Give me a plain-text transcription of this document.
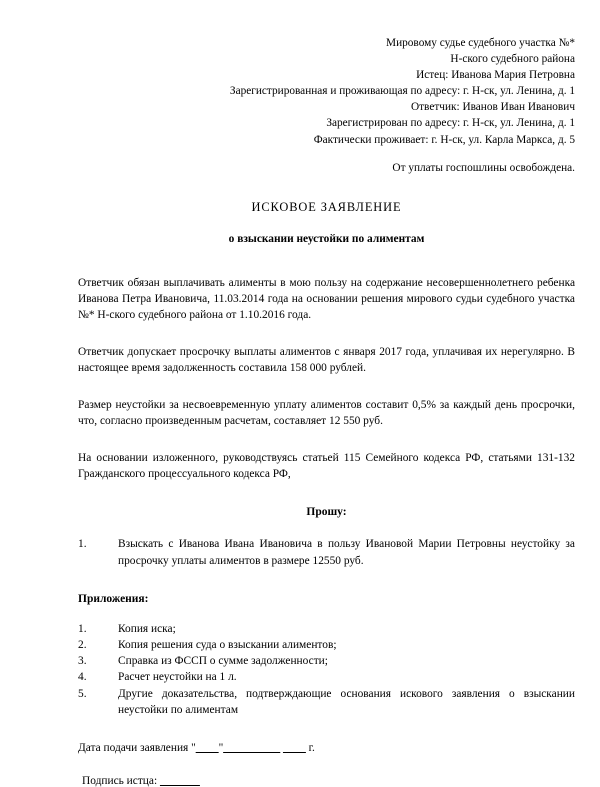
Мировому судье судебного участка №*
Н-ского судебного района
Истец: Иванова Мария Петровна
Зарегистрированная и проживающая по адресу: г. Н-ск, ул. Ленина, д. 1
Ответчик: Иванов Иван Иванович
Зарегистрирован по адресу: г. Н-ск, ул. Ленина, д. 1
Фактически проживает: г. Н-ск, ул. Карла Маркса, д. 5
От уплаты госпошлины освобождена.
ИСКОВОЕ ЗАЯВЛЕНИЕ
о взыскании неустойки по алиментам
Ответчик обязан выплачивать алименты в мою пользу на содержание несовершеннолетнего ребенка Иванова Петра Ивановича, 11.03.2014 года на основании решения мирового судьи судебного участка №* Н-ского судебного района от 1.10.2016 года.
Ответчик допускает просрочку выплаты алиментов с января 2017 года, уплачивая их нерегулярно. В настоящее время задолженность составила 158 000 рублей.
Размер неустойки за несвоевременную уплату алиментов составит 0,5% за каждый день просрочки, что, согласно произведенным расчетам, составляет 12 550 руб.
На основании изложенного, руководствуясь статьей 115 Семейного кодекса РФ, статьями 131-132 Гражданского процессуального кодекса РФ,
Прошу:
1.	Взыскать с Иванова Ивана Ивановича в пользу Ивановой Марии Петровны неустойку за просрочку уплаты алиментов в размере 12550 руб.
Приложения:
1.	Копия иска;
2.	Копия решения суда о взыскании алиментов;
3.	Справка из ФССП о сумме задолженности;
4.	Расчет неустойки на 1 л.
5.	Другие доказательства, подтверждающие основания искового заявления о взыскании неустойки по алиментам
Дата подачи заявления "____"__________ ____ г.
Подпись истца: _______
